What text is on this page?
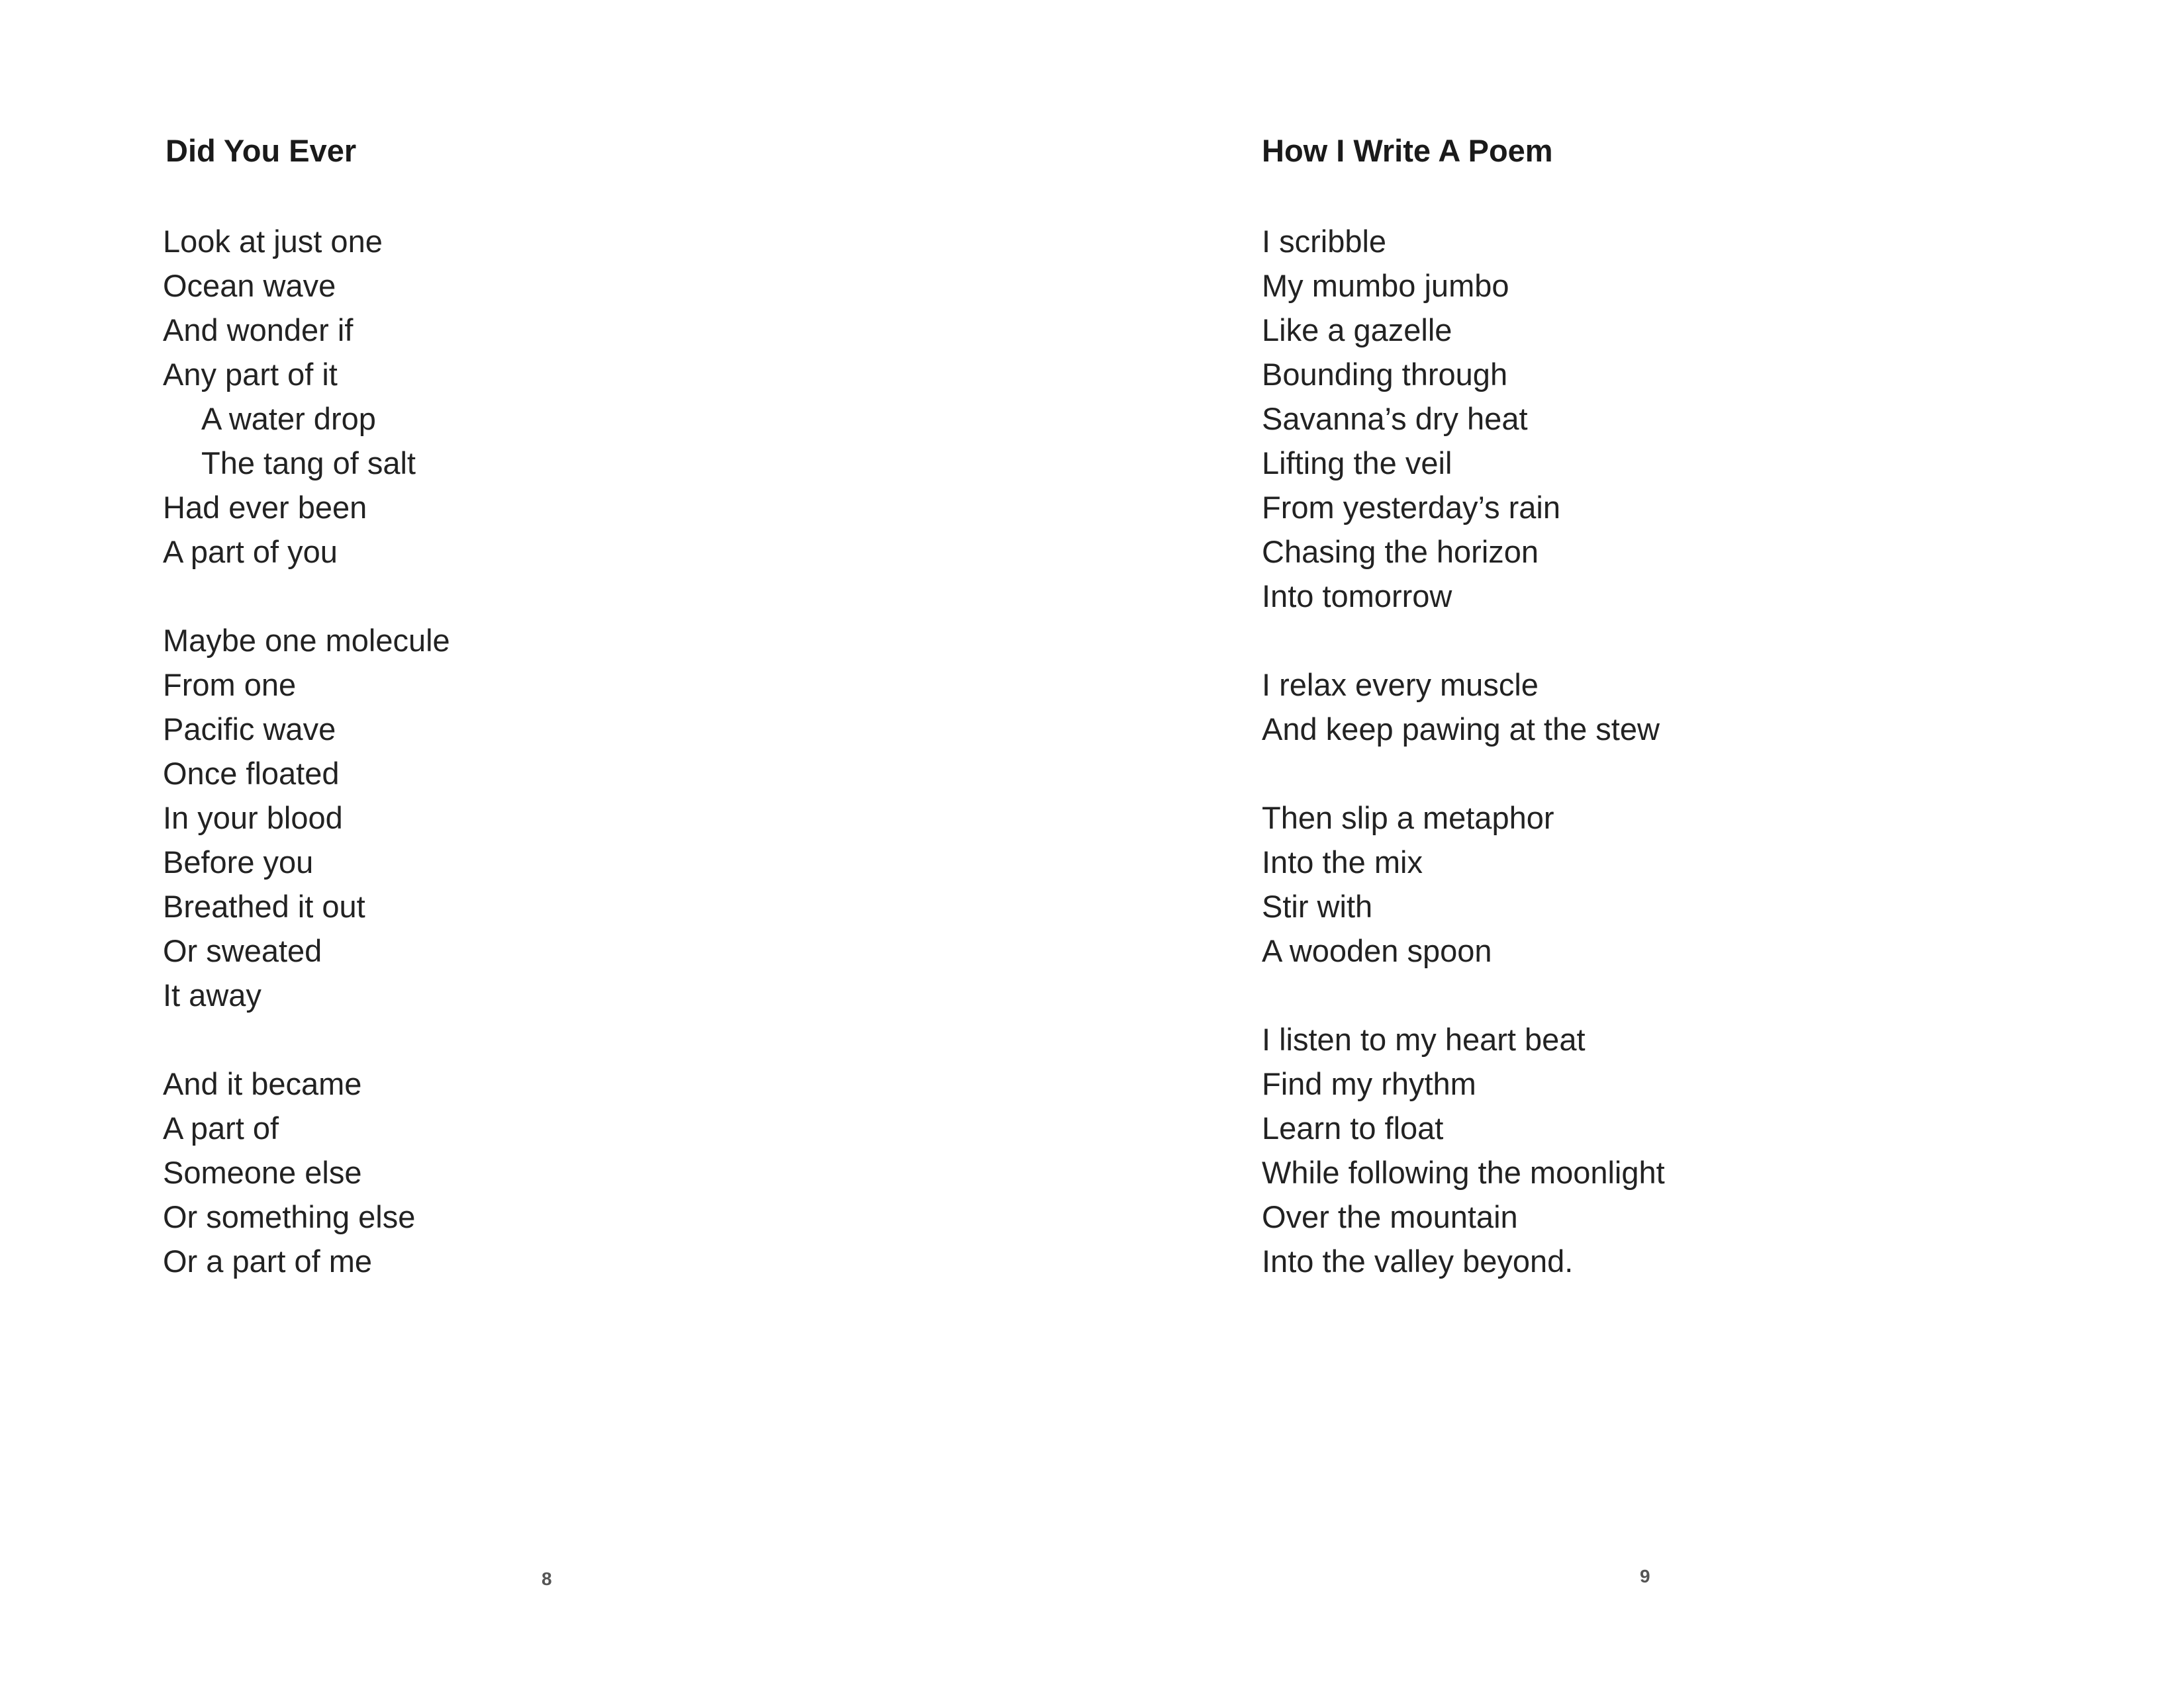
Did You Ever
Look at just one
Ocean wave
And wonder if
Any part of it
A water drop
The tang of salt
Had ever been
A part of you
Maybe one molecule
From one
Pacific wave
Once floated
In your blood
Before you
Breathed it out
Or sweated
It away
And it became
A part of
Someone else
Or something else
Or a part of me
8
How I Write A Poem
I scribble
My mumbo jumbo
Like a gazelle
Bounding through
Savanna’s dry heat
Lifting the veil
From yesterday’s rain
Chasing the horizon
Into tomorrow
I relax every muscle
And keep pawing at the stew
Then slip a metaphor
Into the mix
Stir with
A wooden spoon
I listen to my heart beat
Find my rhythm
Learn to float
While following the moonlight
Over the mountain
Into the valley beyond.
9
